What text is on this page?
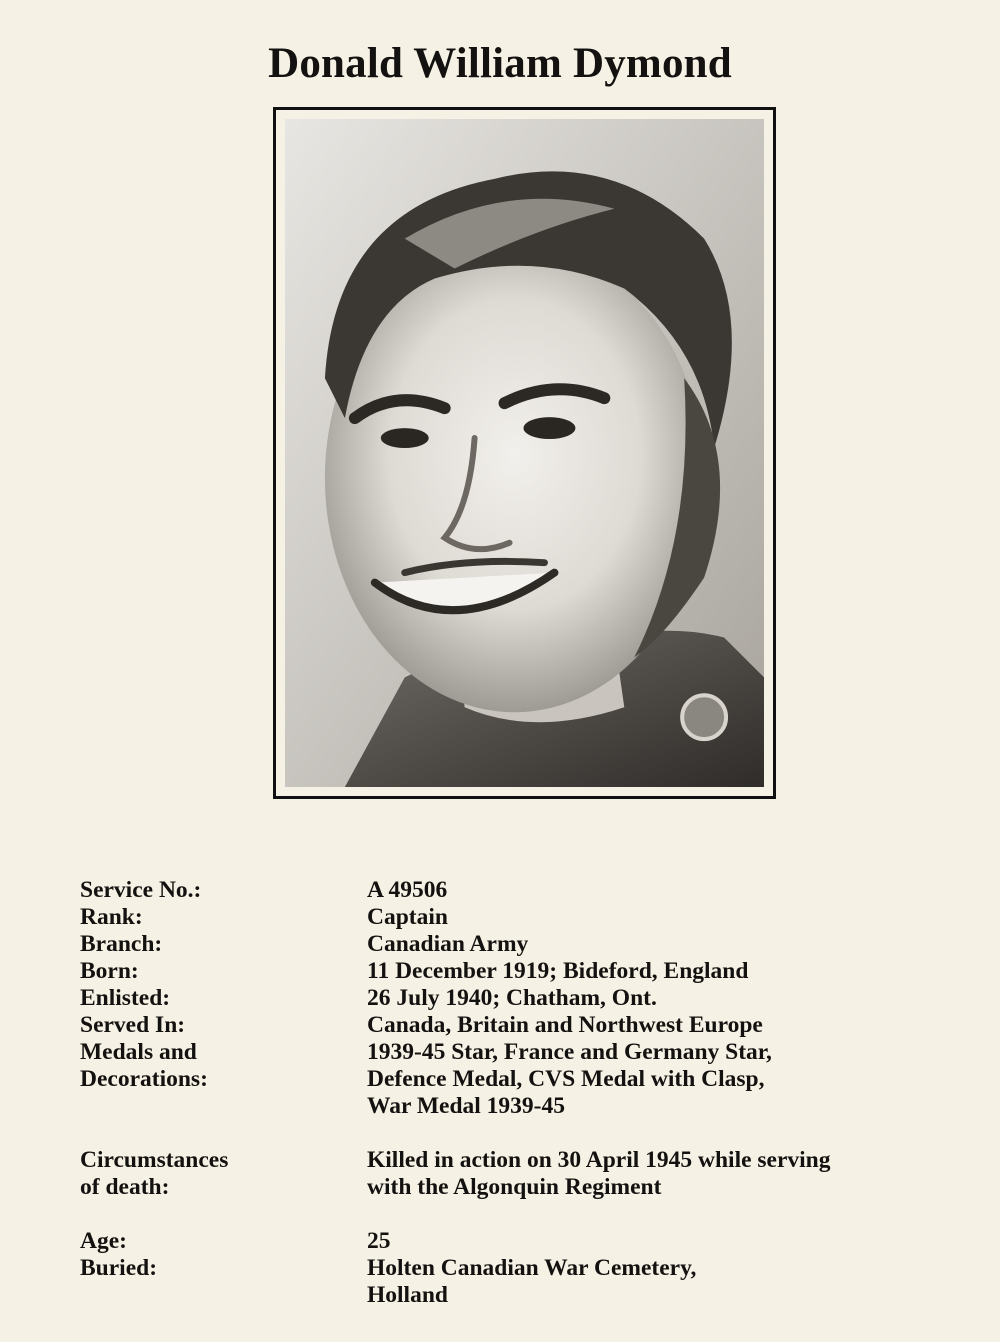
Donald William Dymond

Service No.:	A 49506
Rank:	Captain
Branch:	Canadian Army
Born:	11 December 1919; Bideford, England
Enlisted:	26 July 1940; Chatham, Ont.
Served In:	Canada, Britain and Northwest Europe
Medals and	1939-45 Star, France and Germany Star,
Decorations:	Defence Medal, CVS Medal with Clasp,
War Medal 1939-45
Circumstances	Killed in action on 30 April 1945 while serving
of death:	with the Algonquin Regiment
Age:	25
Buried:	Holten Canadian War Cemetery,
Holland
